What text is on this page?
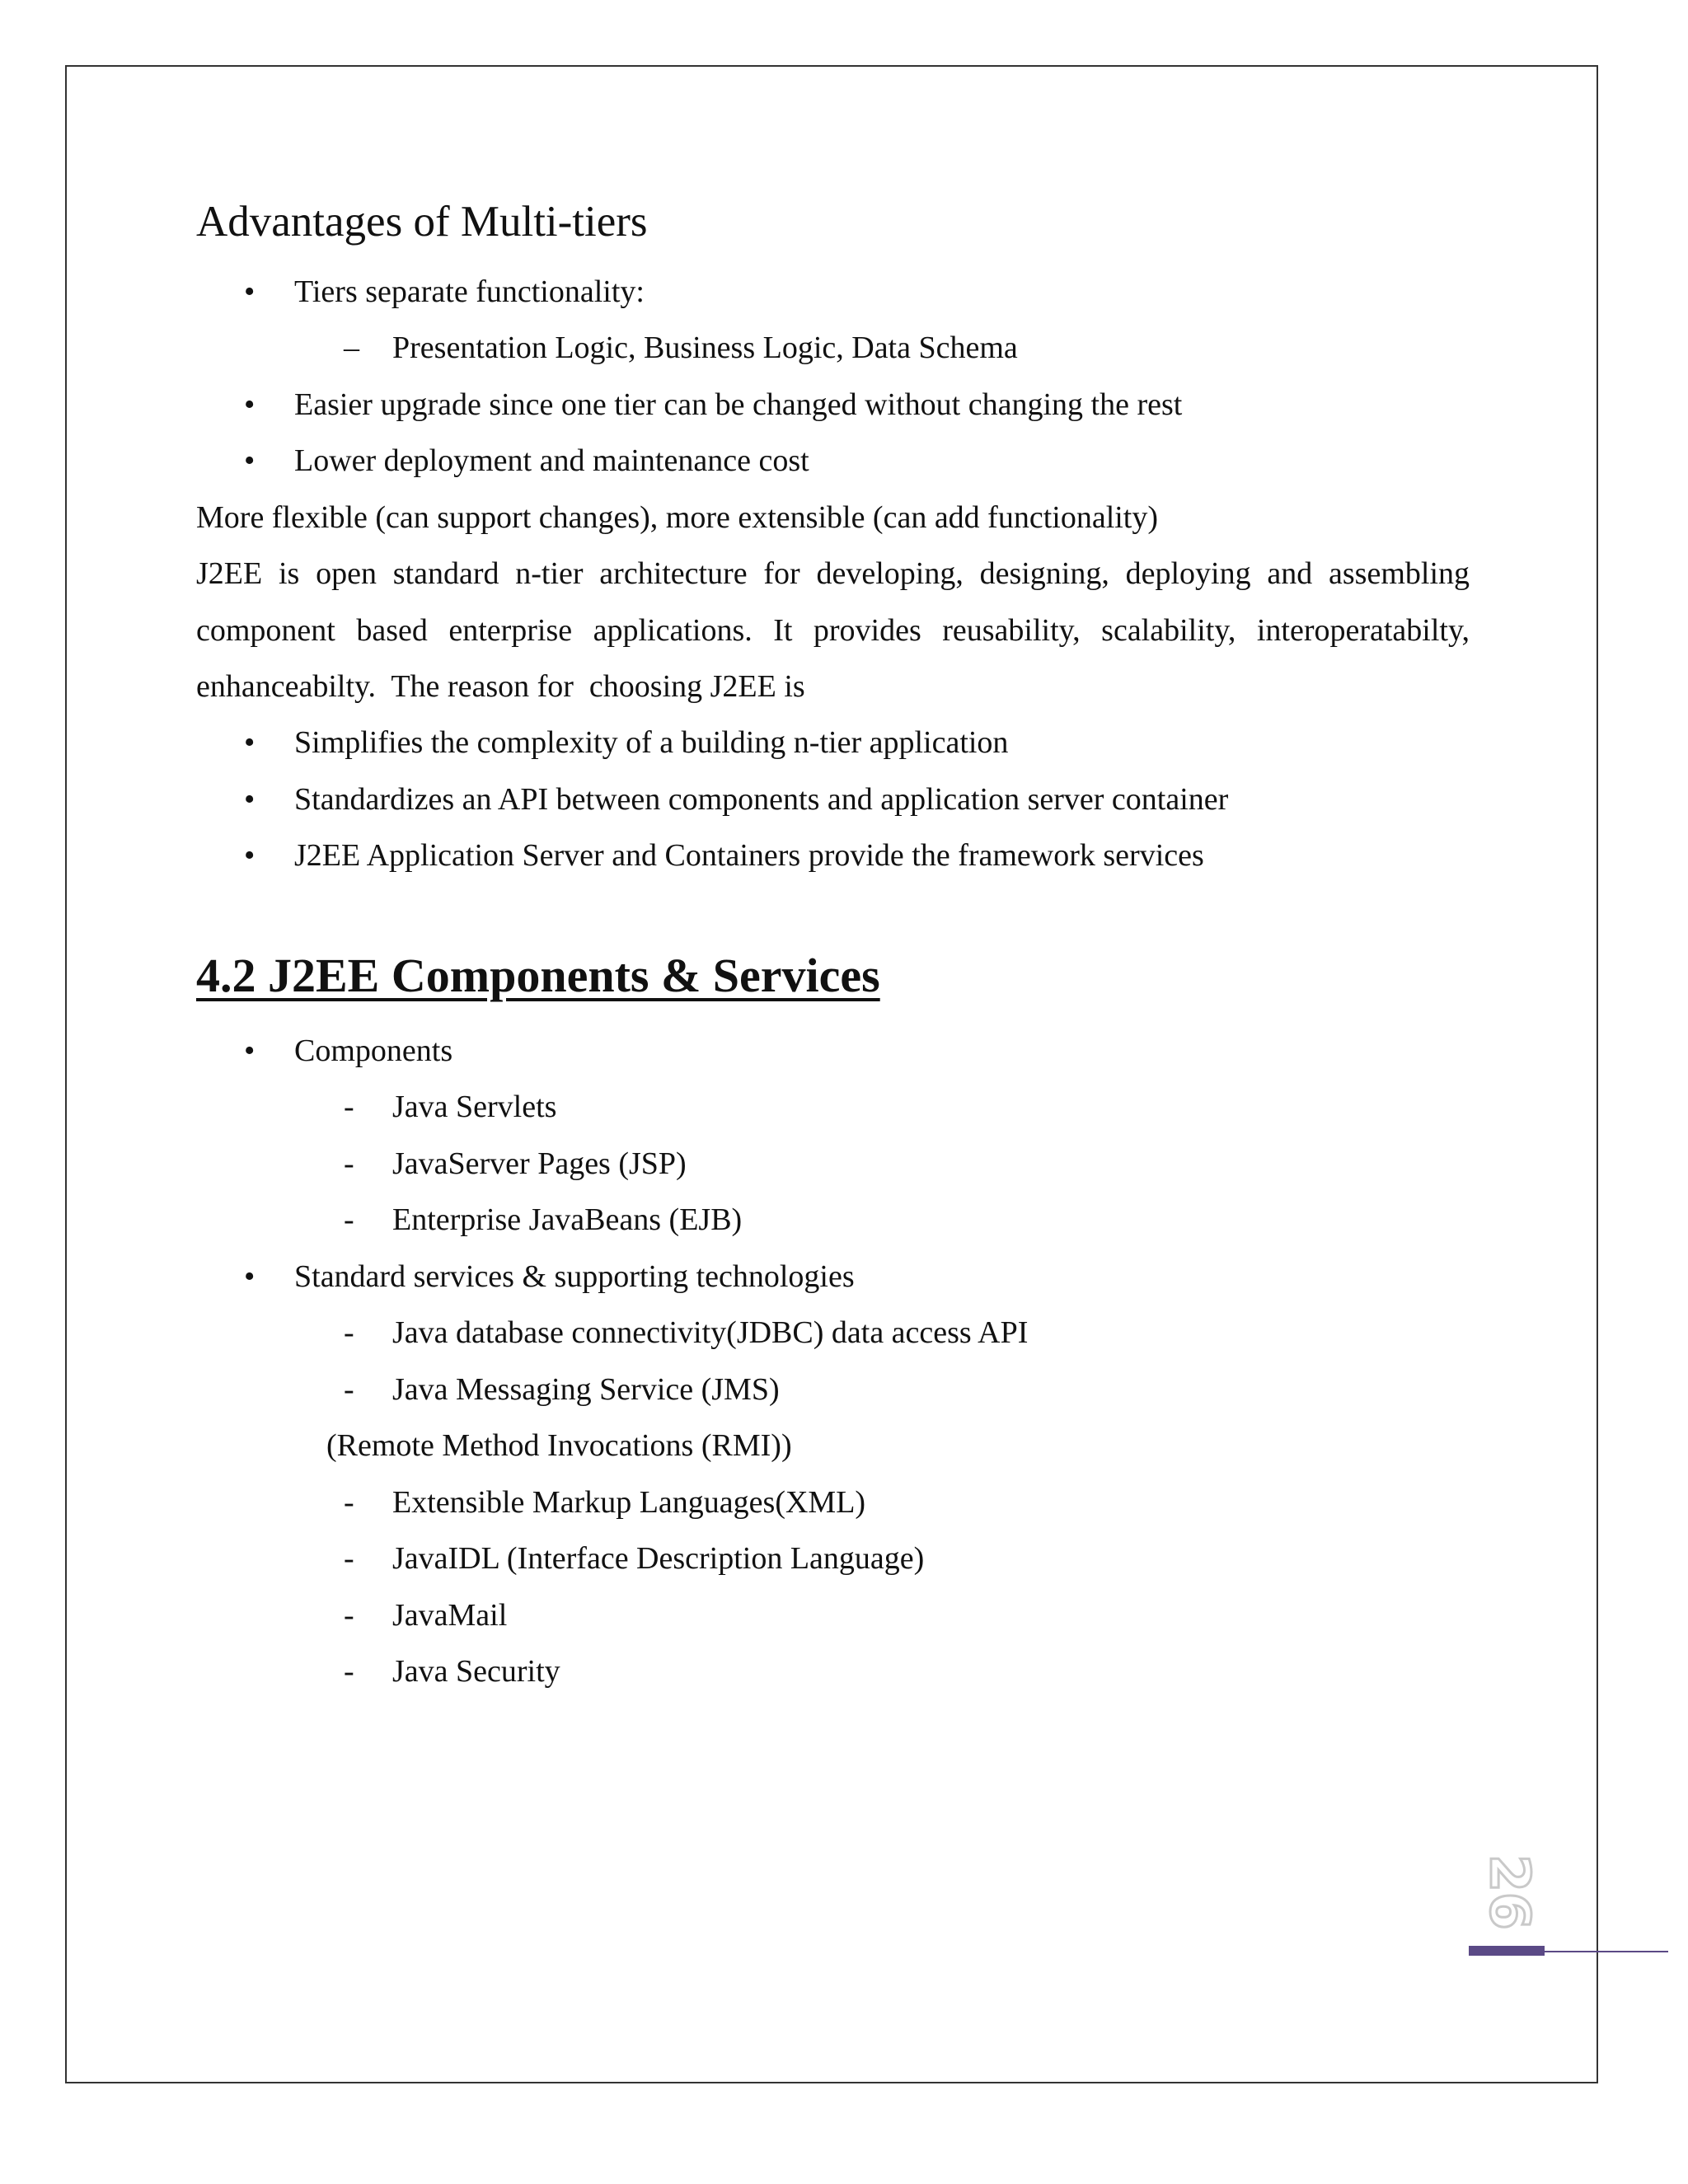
Advantages of Multi-tiers
• Tiers separate functionality:
– Presentation Logic, Business Logic, Data Schema
• Easier upgrade since one tier can be changed without changing the rest
• Lower deployment and maintenance cost
More flexible (can support changes), more extensible (can add functionality)
J2EE is open standard n-tier architecture for developing, designing, deploying and assembling
component based enterprise applications. It provides reusability, scalability, interoperatabilty,
enhanceabilty.  The reason for  choosing J2EE is
• Simplifies the complexity of a building n-tier application
• Standardizes an API between components and application server container
• J2EE Application Server and Containers provide the framework services
4.2 J2EE Components & Services
• Components
- Java Servlets
- JavaServer Pages (JSP)
- Enterprise JavaBeans (EJB)
• Standard services & supporting technologies
- Java database connectivity(JDBC) data access API
- Java Messaging Service (JMS)
(Remote Method Invocations (RMI))
- Extensible Markup Languages(XML)
- JavaIDL (Interface Description Language)
- JavaMail
- Java Security
26
